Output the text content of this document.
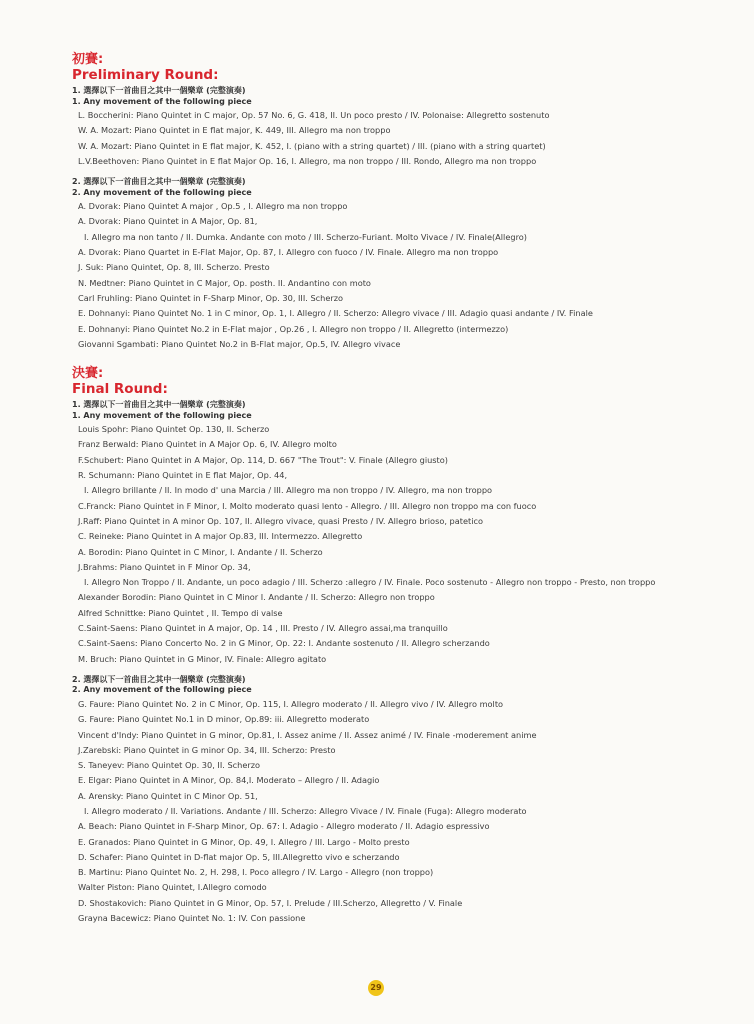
初賽:
Preliminary Round:
1. 選擇以下一首曲目之其中一個樂章 (完整演奏)
1. Any movement of the following piece
L. Boccherini: Piano Quintet in C major, Op. 57 No. 6, G. 418, II. Un poco presto / IV. Polonaise: Allegretto sostenuto
W. A. Mozart: Piano Quintet in E flat major, K. 449, III. Allegro ma non troppo
W. A. Mozart: Piano Quintet in E flat major, K. 452, I. (piano with a string quartet) / III. (piano with a string quartet)
L.V.Beethoven: Piano Quintet in E flat Major Op. 16, I. Allegro, ma non troppo / III. Rondo, Allegro ma non troppo
2. 選擇以下一首曲目之其中一個樂章 (完整演奏)
2. Any movement of the following piece
A. Dvorak: Piano Quintet A major , Op.5 , I. Allegro ma non troppo
A. Dvorak: Piano Quintet in A Major, Op. 81,
I. Allegro ma non tanto / II. Dumka. Andante con moto / III. Scherzo-Furiant. Molto Vivace / IV. Finale(Allegro)
A. Dvorak: Piano Quartet in E-Flat Major, Op. 87, I. Allegro con fuoco / IV. Finale. Allegro ma non troppo
J. Suk: Piano Quintet, Op. 8, III. Scherzo. Presto
N. Medtner: Piano Quintet in C Major, Op. posth. II. Andantino con moto
Carl Fruhling: Piano Quintet in F-Sharp Minor, Op. 30, III. Scherzo
E. Dohnanyi: Piano Quintet No. 1 in C minor, Op. 1, I. Allegro / II. Scherzo: Allegro vivace / III. Adagio quasi andante / IV. Finale
E. Dohnanyi: Piano Quintet No.2 in E-Flat major , Op.26 , I. Allegro non troppo / II. Allegretto (intermezzo)
Giovanni Sgambati: Piano Quintet No.2 in B-Flat major, Op.5, IV. Allegro vivace
決賽:
Final Round:
1. 選擇以下一首曲目之其中一個樂章 (完整演奏)
1. Any movement of the following piece
Louis Spohr: Piano Quintet Op. 130, II. Scherzo
Franz Berwald: Piano Quintet in A Major Op. 6, IV. Allegro molto
F.Schubert: Piano Quintet in A Major, Op. 114, D. 667 "The Trout": V. Finale (Allegro giusto)
R. Schumann: Piano Quintet in E flat Major, Op. 44,
I. Allegro brillante / II. In modo d' una Marcia / III. Allegro ma non troppo / IV. Allegro, ma non troppo
C.Franck: Piano Quintet in F Minor, I. Molto moderato quasi lento - Allegro. / III. Allegro non troppo ma con fuoco
J.Raff: Piano Quintet in A minor Op. 107, II. Allegro vivace, quasi Presto / IV. Allegro brioso, patetico
C. Reineke: Piano Quintet in A major Op.83, III. Intermezzo. Allegretto
A. Borodin: Piano Quintet in C Minor, I. Andante / II. Scherzo
J.Brahms: Piano Quintet in F Minor Op. 34,
I. Allegro Non Troppo / II. Andante, un poco adagio / III. Scherzo :allegro / IV. Finale. Poco sostenuto - Allegro non troppo - Presto, non troppo
Alexander Borodin: Piano Quintet in C Minor I. Andante / II. Scherzo: Allegro non troppo
Alfred Schnittke: Piano Quintet , II. Tempo di valse
C.Saint-Saens: Piano Quintet in A major, Op. 14 , III. Presto / IV. Allegro assai,ma tranquillo
C.Saint-Saens: Piano Concerto No. 2 in G Minor, Op. 22: I. Andante sostenuto / II. Allegro scherzando
M. Bruch: Piano Quintet in G Minor, IV. Finale: Allegro agitato
2. 選擇以下一首曲目之其中一個樂章 (完整演奏)
2. Any movement of the following piece
G. Faure: Piano Quintet No. 2 in C Minor, Op. 115, I. Allegro moderato / II. Allegro vivo / IV. Allegro molto
G. Faure: Piano Quintet No.1 in D minor, Op.89: iii. Allegretto moderato
Vincent d'Indy: Piano Quintet in G minor, Op.81, I. Assez anime / II. Assez animé / IV. Finale -moderement anime
J.Zarebski: Piano Quintet in G minor Op. 34, III. Scherzo: Presto
S. Taneyev: Piano Quintet Op. 30, II. Scherzo
E. Elgar: Piano Quintet in A Minor, Op. 84,I. Moderato – Allegro / II. Adagio
A. Arensky: Piano Quintet in C Minor Op. 51,
I. Allegro moderato / II. Variations. Andante / III. Scherzo: Allegro Vivace / IV. Finale (Fuga): Allegro moderato
A. Beach: Piano Quintet in F-Sharp Minor, Op. 67: I. Adagio - Allegro moderato / II. Adagio espressivo
E. Granados: Piano Quintet in G Minor, Op. 49, I. Allegro / III. Largo - Molto presto
D. Schafer: Piano Quintet in D-flat major Op. 5, III.Allegretto vivo e scherzando
B. Martinu: Piano Quintet No. 2, H. 298, I. Poco allegro / IV. Largo - Allegro (non troppo)
Walter Piston: Piano Quintet, I.Allegro comodo
D. Shostakovich: Piano Quintet in G Minor, Op. 57, I. Prelude / III.Scherzo, Allegretto / V. Finale
Grayna Bacewicz: Piano Quintet No. 1: IV. Con passione
29
